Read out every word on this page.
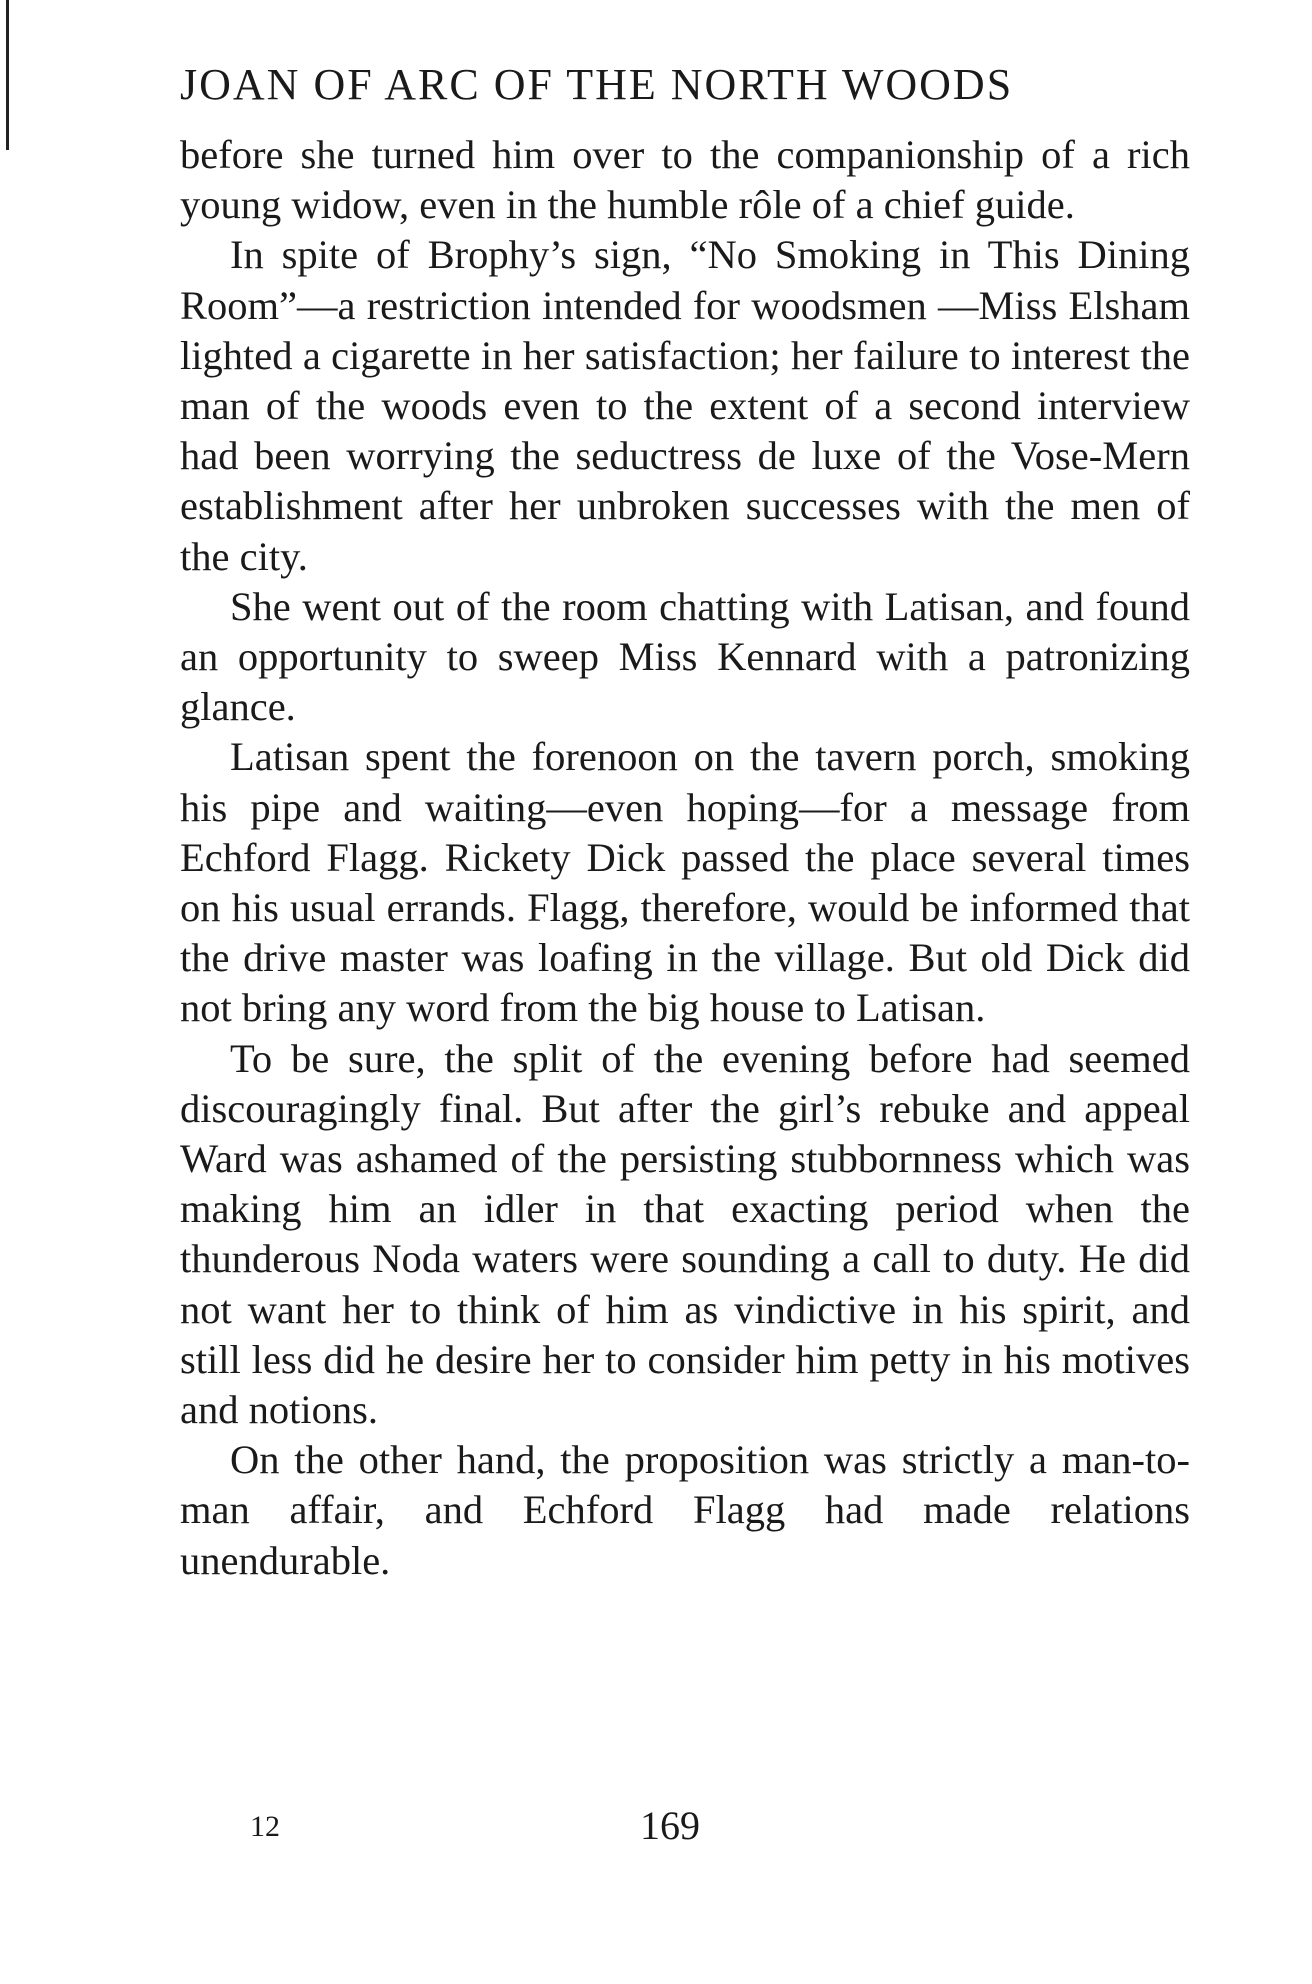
JOAN OF ARC OF THE NORTH WOODS

before she turned him over to the companionship of a rich young widow, even in the humble rôle of a chief guide.

In spite of Brophy’s sign, “No Smoking in This Dining Room”—a restriction intended for woodsmen —Miss Elsham lighted a cigarette in her satisfaction; her failure to interest the man of the woods even to the extent of a second interview had been worrying the seductress de luxe of the Vose-Mern establishment after her unbroken successes with the men of the city.

She went out of the room chatting with Latisan, and found an opportunity to sweep Miss Kennard with a patronizing glance.

Latisan spent the forenoon on the tavern porch, smoking his pipe and waiting—even hoping—for a message from Echford Flagg. Rickety Dick passed the place several times on his usual errands. Flagg, therefore, would be informed that the drive master was loafing in the village. But old Dick did not bring any word from the big house to Latisan.

To be sure, the split of the evening before had seemed discouragingly final. But after the girl’s rebuke and appeal Ward was ashamed of the persisting stubbornness which was making him an idler in that exacting period when the thunderous Noda waters were sounding a call to duty. He did not want her to think of him as vindictive in his spirit, and still less did he desire her to consider him petty in his motives and notions.

On the other hand, the proposition was strictly a man-to-man affair, and Echford Flagg had made relations unendurable.

12	169
